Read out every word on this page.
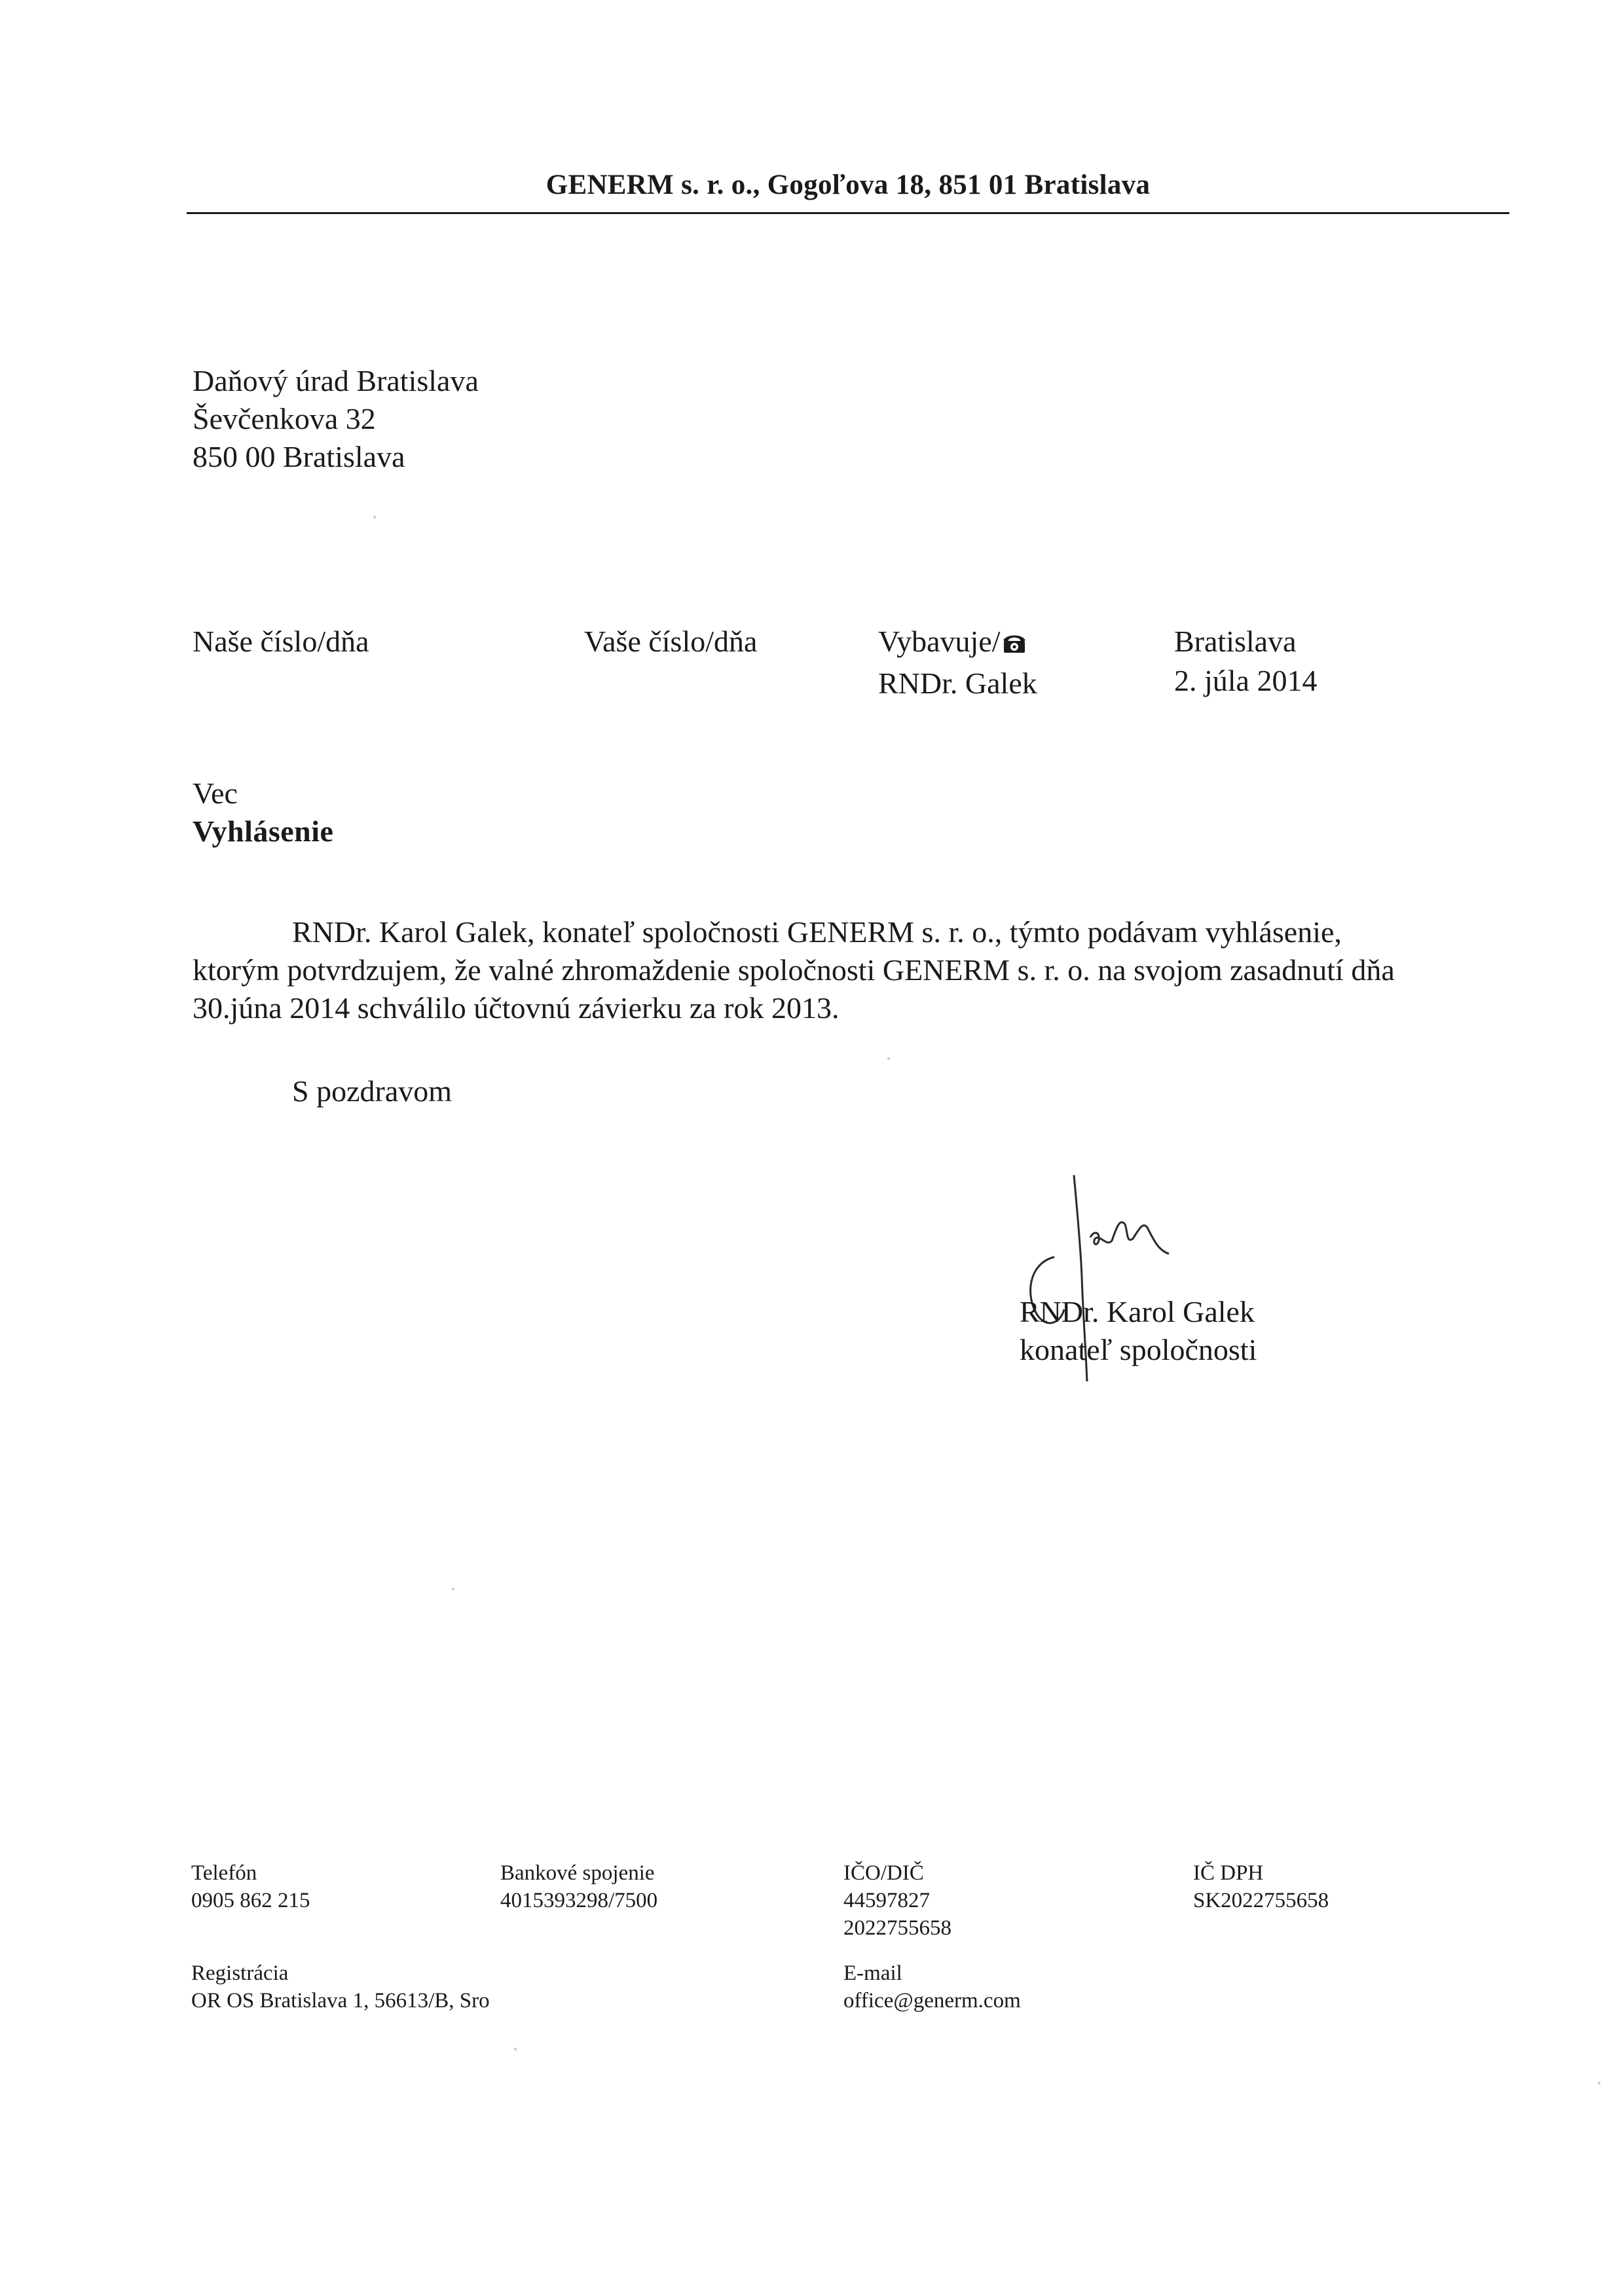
GENERM s. r. o., Gogoľova 18, 851 01 Bratislava
Daňový úrad Bratislava
Ševčenkova 32
850 00 Bratislava
Naše číslo/dňa	Vaše číslo/dňa	Vybavuje/
RNDr. Galek
Bratislava
2. júla 2014
Vec
Vyhlásenie
RNDr. Karol Galek, konateľ spoločnosti GENERM s. r. o., týmto podávam vyhlásenie,
ktorým potvrdzujem, že valné zhromaždenie spoločnosti GENERM s. r. o. na svojom zasadnutí dňa
30.júna 2014 schválilo účtovnú závierku za rok 2013.
S pozdravom
RNDr. Karol Galek
konateľ spoločnosti
Telefón
0905 862 215
Bankové spojenie
4015393298/7500
IČO/DIČ
44597827
2022755658
IČ DPH
SK2022755658
Registrácia
OR OS Bratislava 1, 56613/B, Sro
E-mail
office@generm.com
